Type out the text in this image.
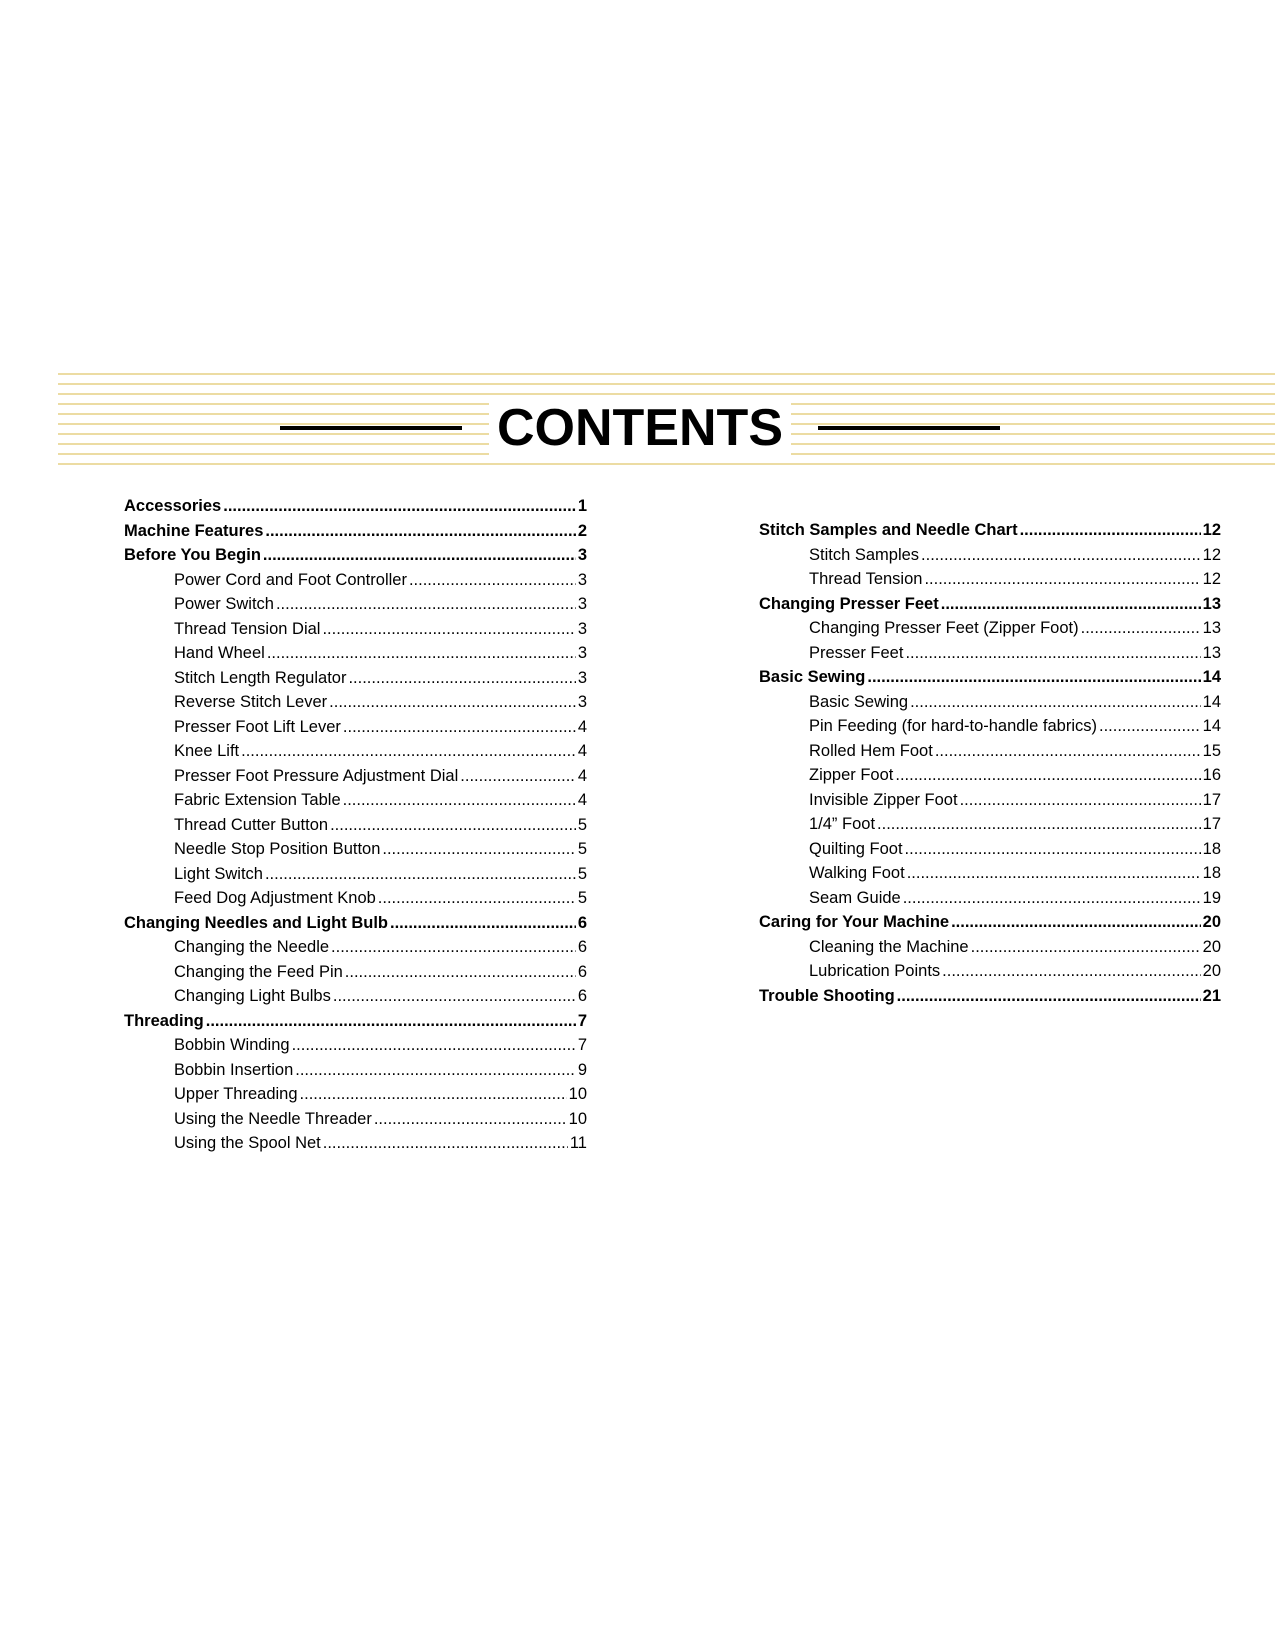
CONTENTS
Accessories .....	1
Machine Features .....	2
Before You Begin .....	3
Power Cord and Foot Controller .....	3
Power Switch .....	3
Thread Tension Dial .....	3
Hand Wheel .....	3
Stitch Length Regulator .....	3
Reverse Stitch Lever .....	3
Presser Foot Lift Lever .....	4
Knee Lift .....	4
Presser Foot Pressure Adjustment Dial .....	4
Fabric Extension Table .....	4
Thread Cutter Button .....	5
Needle Stop Position Button .....	5
Light Switch .....	5
Feed Dog Adjustment Knob .....	5
Changing Needles and Light Bulb .....	6
Changing the Needle .....	6
Changing the Feed Pin .....	6
Changing Light Bulbs .....	6
Threading .....	7
Bobbin Winding .....	7
Bobbin Insertion .....	9
Upper Threading .....	10
Using the Needle Threader .....	10
Using the Spool Net .....	11
Stitch Samples and Needle Chart .....	12
Stitch Samples .....	12
Thread Tension .....	12
Changing Presser Feet .....	13
Changing Presser Feet (Zipper Foot) .....	13
Presser Feet .....	13
Basic Sewing .....	14
Basic Sewing .....	14
Pin Feeding (for hard-to-handle fabrics) .....	14
Rolled Hem Foot .....	15
Zipper Foot .....	16
Invisible Zipper Foot .....	17
1/4” Foot .....	17
Quilting Foot .....	18
Walking Foot .....	18
Seam Guide .....	19
Caring for Your Machine .....	20
Cleaning the Machine .....	20
Lubrication Points .....	20
Trouble Shooting .....	21
